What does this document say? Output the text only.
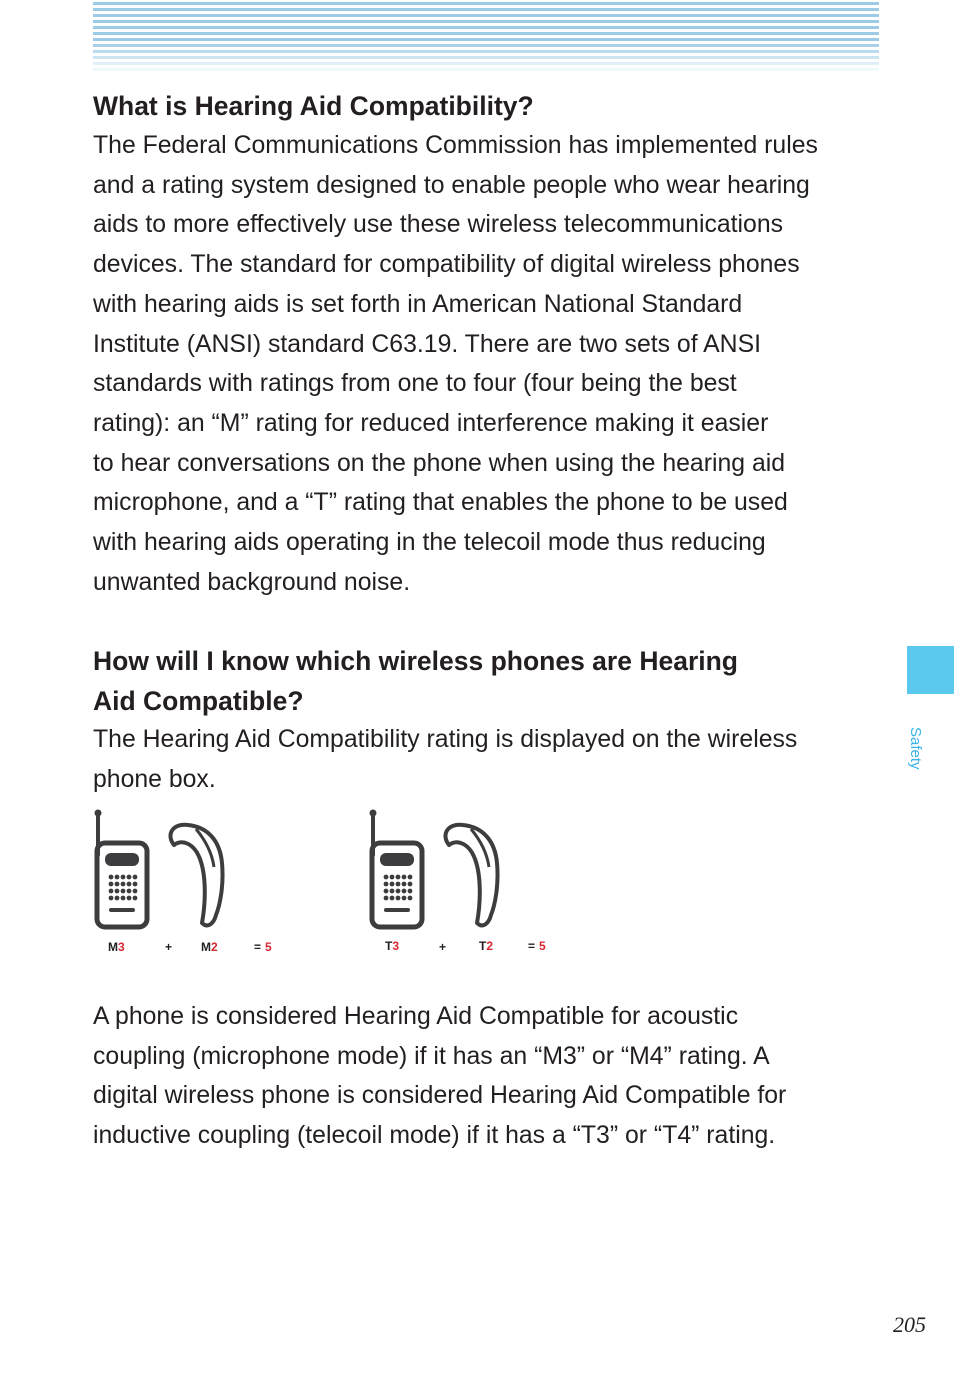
What is Hearing Aid Compatibility?
The Federal Communications Commission has implemented rules
and a rating system designed to enable people who wear hearing
aids to more effectively use these wireless telecommunications
devices. The standard for compatibility of digital wireless phones
with hearing aids is set forth in American National Standard
Institute (ANSI) standard C63.19. There are two sets of ANSI
standards with ratings from one to four (four being the best
rating): an “M” rating for reduced interference making it easier
to hear conversations on the phone when using the hearing aid
microphone, and a “T” rating that enables the phone to be used
with hearing aids operating in the telecoil mode thus reducing
unwanted background noise.
How will I know which wireless phones are Hearing
Aid Compatible?
The Hearing Aid Compatibility rating is displayed on the wireless
phone box.
M3	+ M2	= 5	T3	+	T2	= 5
A phone is considered Hearing Aid Compatible for acoustic
coupling (microphone mode) if it has an “M3” or “M4” rating. A
digital wireless phone is considered Hearing Aid Compatible for
inductive coupling (telecoil mode) if it has a “T3” or “T4” rating.
Safety
205
